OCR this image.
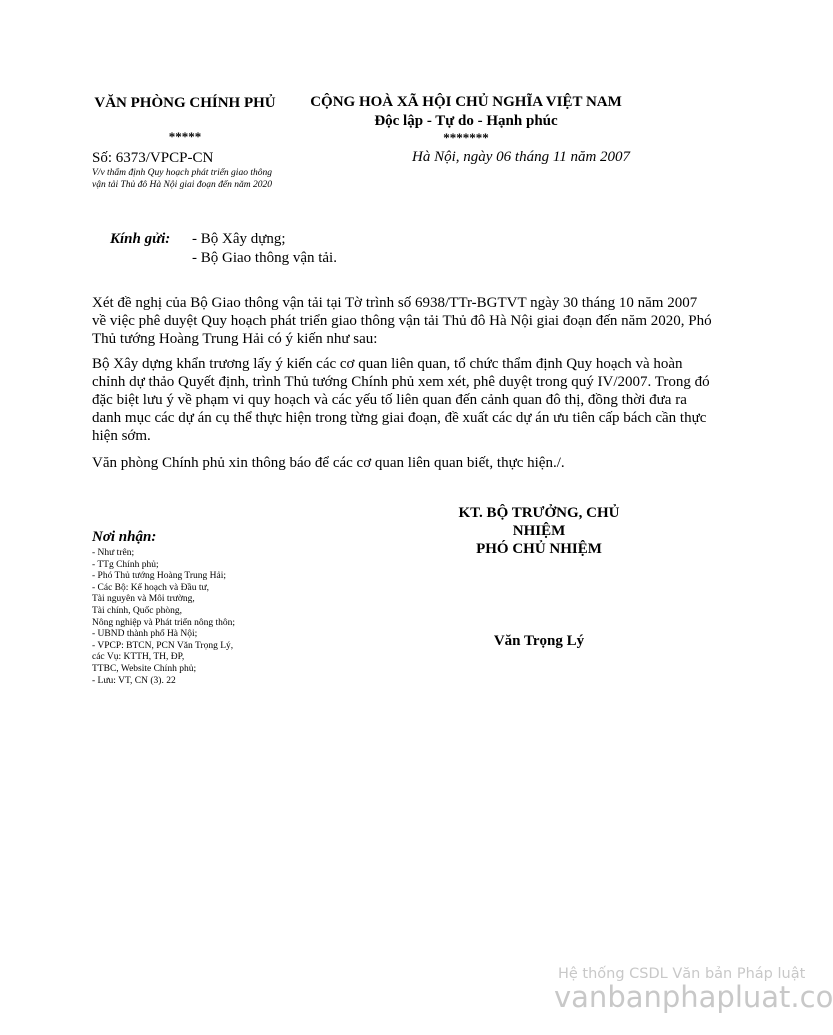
VĂN PHÒNG CHÍNH PHỦ
*****
Số: 6373/VPCP-CN
V/v thẩm định Quy hoạch phát triển giao thông vận tải Thủ đô Hà Nội giai đoạn đến năm 2020
CỘNG HOÀ XÃ HỘI CHỦ NGHĨA VIỆT NAM
Độc lập - Tự do - Hạnh phúc
*******
Hà Nội, ngày 06 tháng 11 năm 2007
Kính gửi: - Bộ Xây dựng;
- Bộ Giao thông vận tải.
Xét đề nghị của Bộ Giao thông vận tải tại Tờ trình số 6938/TTr-BGTVT ngày 30 tháng 10 năm 2007 về việc phê duyệt Quy hoạch phát triển giao thông vận tải Thủ đô Hà Nội giai đoạn đến năm 2020, Phó Thủ tướng Hoàng Trung Hải có ý kiến như sau:
Bộ Xây dựng khẩn trương lấy ý kiến các cơ quan liên quan, tổ chức thẩm định Quy hoạch và hoàn chỉnh dự thảo Quyết định, trình Thủ tướng Chính phủ xem xét, phê duyệt trong quý IV/2007. Trong đó đặc biệt lưu ý về phạm vi quy hoạch và các yếu tố liên quan đến cảnh quan đô thị, đồng thời đưa ra danh mục các dự án cụ thể thực hiện trong từng giai đoạn, đề xuất các dự án ưu tiên cấp bách cần thực hiện sớm.
Văn phòng Chính phủ xin thông báo để các cơ quan liên quan biết, thực hiện./.
KT. BỘ TRƯỞNG, CHỦ NHIỆM
PHÓ CHỦ NHIỆM
Văn Trọng Lý
Nơi nhận:
- Như trên;
- TTg Chính phủ;
- Phó Thủ tướng Hoàng Trung Hải;
- Các Bộ: Kế hoạch và Đầu tư,
Tài nguyên và Môi trường,
Tài chính, Quốc phòng,
Nông nghiệp và Phát triển nông thôn;
- UBND thành phố Hà Nội;
- VPCP: BTCN, PCN Văn Trọng Lý,
các Vụ: KTTH, TH, ĐP,
TTBC, Website Chính phủ;
- Lưu: VT, CN (3). 22
Hệ thống CSDL Văn bản Pháp luật
vanbanphapluat.co
